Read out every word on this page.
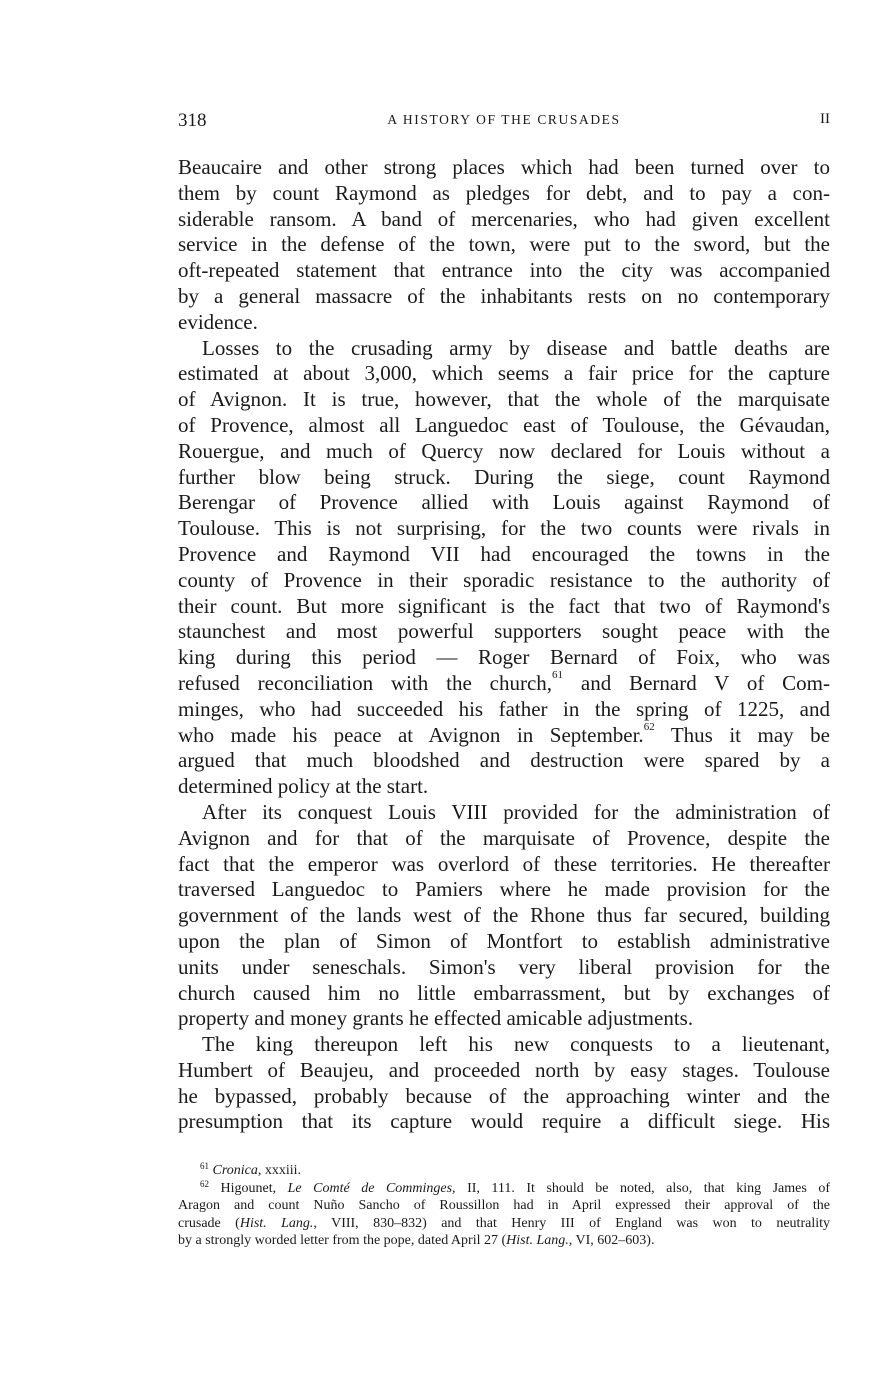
318	A HISTORY OF THE CRUSADES	II
Beaucaire and other strong places which had been turned over to
them by count Raymond as pledges for debt, and to pay a con-
siderable ransom. A band of mercenaries, who had given excellent
service in the defense of the town, were put to the sword, but the
oft-repeated statement that entrance into the city was accompanied
by a general massacre of the inhabitants rests on no contemporary
evidence.
Losses to the crusading army by disease and battle deaths are
estimated at about 3,000, which seems a fair price for the capture
of Avignon. It is true, however, that the whole of the marquisate
of Provence, almost all Languedoc east of Toulouse, the Gévaudan,
Rouergue, and much of Quercy now declared for Louis without a
further blow being struck. During the siege, count Raymond
Berengar of Provence allied with Louis against Raymond of
Toulouse. This is not surprising, for the two counts were rivals in
Provence and Raymond VII had encouraged the towns in the
county of Provence in their sporadic resistance to the authority of
their count. But more significant is the fact that two of Raymond's
staunchest and most powerful supporters sought peace with the
king during this period — Roger Bernard of Foix, who was
refused reconciliation with the church,$^{61}$ and Bernard V of Com-
minges, who had succeeded his father in the spring of 1225, and
who made his peace at Avignon in September.$^{62}$ Thus it may be
argued that much bloodshed and destruction were spared by a
determined policy at the start.
After its conquest Louis VIII provided for the administration of
Avignon and for that of the marquisate of Provence, despite the
fact that the emperor was overlord of these territories. He thereafter
traversed Languedoc to Pamiers where he made provision for the
government of the lands west of the Rhone thus far secured, building
upon the plan of Simon of Montfort to establish administrative
units under seneschals. Simon's very liberal provision for the
church caused him no little embarrassment, but by exchanges of
property and money grants he effected amicable adjustments.
The king thereupon left his new conquests to a lieutenant,
Humbert of Beaujeu, and proceeded north by easy stages. Toulouse
he bypassed, probably because of the approaching winter and the
presumption that its capture would require a difficult siege. His
$^{61}$ Cronica, xxxiii.
$^{62}$ Higounet, Le Comté de Comminges, II, 111. It should be noted, also, that king James of
Aragon and count Nuño Sancho of Roussillon had in April expressed their approval of the
crusade (Hist. Lang., VIII, 830–832) and that Henry III of England was won to neutrality
by a strongly worded letter from the pope, dated April 27 (Hist. Lang., VI, 602–603).
